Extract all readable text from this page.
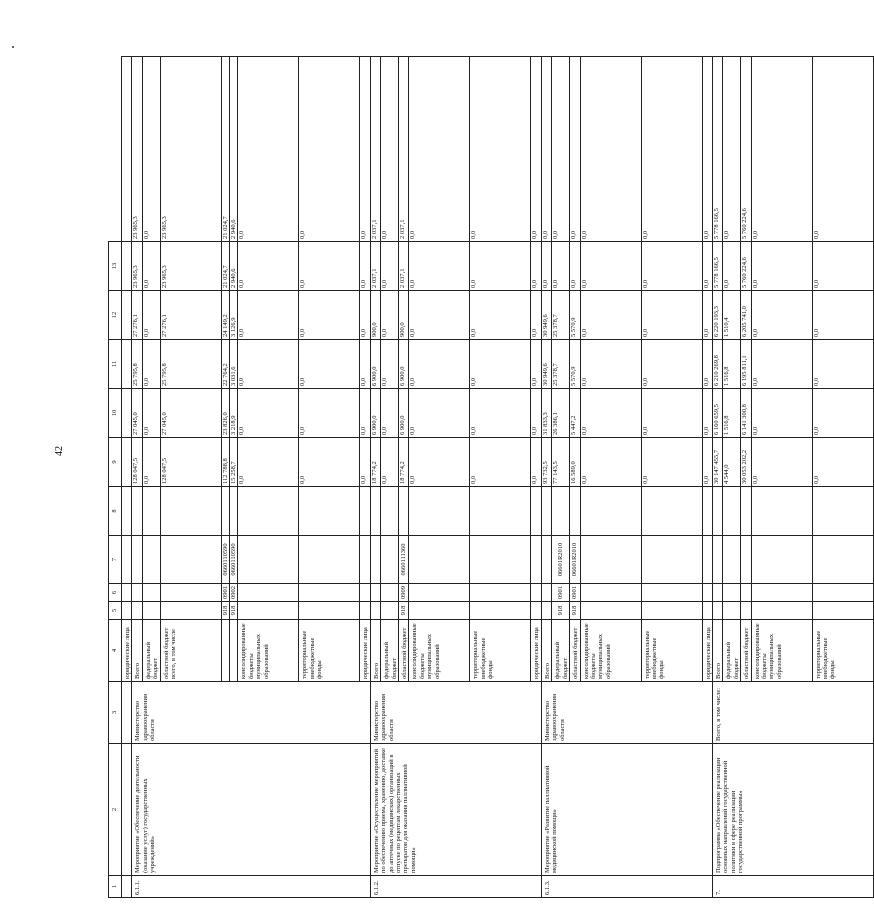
42
1	2	3	4	5	6	7	8	9	10	11	12	13	
			юридические лица										
6.1.1.	Мероприятие «Обеспечение деятельности (оказание услуг) государственных учреждений»	Министерство здравоохранения области	Всего					128 047,5	27 045,0	25 795,8	27 276,1	23 965,3	23 965,3
			федеральный бюджет					0,0	0,0	0,0	0,0	0,0	0,0
			областной бюджет всего, в том числе					128 047,5	27 045,0	25 795,8	27 276,1	23 965,3	23 965,3
				918	0901	0660110590		112 788,8	23 826,0	22 764,2	24 149,2	21 024,7	21 024,7
				918	0902	0660110590		15 258,7	3 218,9	3 031,6	3 126,9	2 940,6	2 940,6
			консолидированные бюджеты муниципальных образований					0,0	0,0	0,0	0,0	0,0	0,0
			территориальные внебюджетные фонды					0,0	0,0	0,0	0,0	0,0	0,0
			юридические лица					0,0	0,0	0,0	0,0	0,0	0,0
6.1.2.	Мероприятие «Осуществление мероприятий по обеспечению приема, хранению, доставке до аптечных (медицинских) организаций в отпуске по рецептам лекарственных препаратов для оказания паллиативной помощи»	Министерство здравоохранения области	Всего					18 774,2	6 900,0	6 900,0	900,0	2 037,1	2 037,1
			федеральный бюджет					0,0	0,0	0,0	0,0	0,0	0,0
			областной бюджет	918	0909	0660111360		18 774,2	6 900,0	6 900,0	900,0	2 037,1	2 037,1
			консолидированные бюджеты муниципальных образований					0,0	0,0	0,0	0,0	0,0	0,0
			территориальные внебюджетные фонды					0,0	0,0	0,0	0,0	0,0	0,0
			юридические лица					0,0	0,0	0,0	0,0	0,0	0,0
6.1.3.	Мероприятие «Развитие паллиативной медицинской помощи»	Министерство здравоохранения области	Всего					93 732,5	31 833,3	30 949,6	30 949,6	0,0	0,0
			федеральный бюджет	918	0901	06601R2010		77 143,5	26 386,1	25 378,7	25 378,7	0,0	0,0
			областной бюджет	918	0901	06601R2010		16 589,0	5 447,2	5 570,9	5 570,9	0,0	0,0
			консолидированные бюджеты муниципальных образований					0,0	0,0	0,0	0,0	0,0	0,0
			территориальные внебюджетные фонды					0,0	0,0	0,0	0,0	0,0	0,0
			юридические лица					0,0	0,0	0,0	0,0	0,0	0,0
7.	Подпрограмма «Обеспечение реализации основных направлений государственной политики в сфере реализации государственной программы»	Всего, в том числе:	Всего					30 147 455,7	6 160 659,5	6 210 269,8	6 220 193,3	5 778 166,5	5 778 166,5
			федеральный бюджет					4 544,0	1 516,8	1 516,8	1 510,4	0,0	0,0
			областной бюджет					30 053 202,2	6 141 300,8	6 195 811,1	6 205 741,0	5 760 224,6	5 760 224,6
			консолидированные бюджеты муниципальных образований					0,0	0,0	0,0	0,0	0,0	0,0
			территориальные внебюджетные фонды					0,0	0,0	0,0	0,0	0,0	0,0
